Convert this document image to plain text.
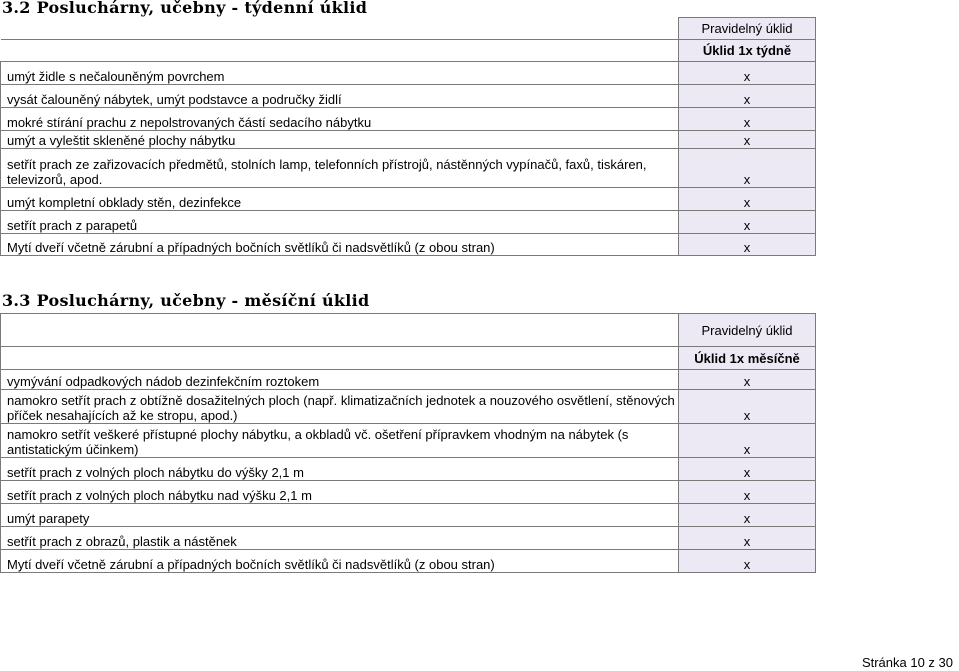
3.2 Posluchárny, učebny - týdenní úklid
	Pravidelný úklid
	Úklid 1x týdně
umýt židle s nečalouněným povrchem	x
vysát čalouněný nábytek, umýt podstavce a područky židlí	x
mokré stírání prachu z nepolstrovaných částí sedacího nábytku	x
umýt a vyleštit skleněné plochy nábytku	x
setřít prach ze zařizovacích předmětů, stolních lamp, telefonních přístrojů, nástěnných vypínačů, faxů, tiskáren, televizorů, apod.	x
umýt kompletní obklady stěn, dezinfekce	x
setřít prach z parapetů	x
Mytí dveří včetně zárubní a případných bočních světlíků či nadsvětlíků (z obou stran)	x
3.3 Posluchárny, učebny - měsíční úklid
	Pravidelný úklid
	Úklid 1x měsíčně
vymývání odpadkových nádob dezinfekčním roztokem	x
namokro setřít prach z obtížně dosažitelných ploch (např. klimatizačních jednotek a nouzového osvětlení, stěnových příček nesahajících až ke stropu, apod.)	x
namokro setřít veškeré přístupné plochy nábytku, a okbladů vč. ošetření přípravkem vhodným na nábytek (s antistatickým účinkem)	x
setřít prach z volných ploch nábytku do výšky 2,1 m	x
setřít prach z volných ploch nábytku nad výšku 2,1 m	x
umýt parapety	x
setřít prach z obrazů, plastik a nástěnek	x
Mytí dveří včetně zárubní a případných bočních světlíků či nadsvětlíků (z obou stran)	x
Stránka 10 z 30
